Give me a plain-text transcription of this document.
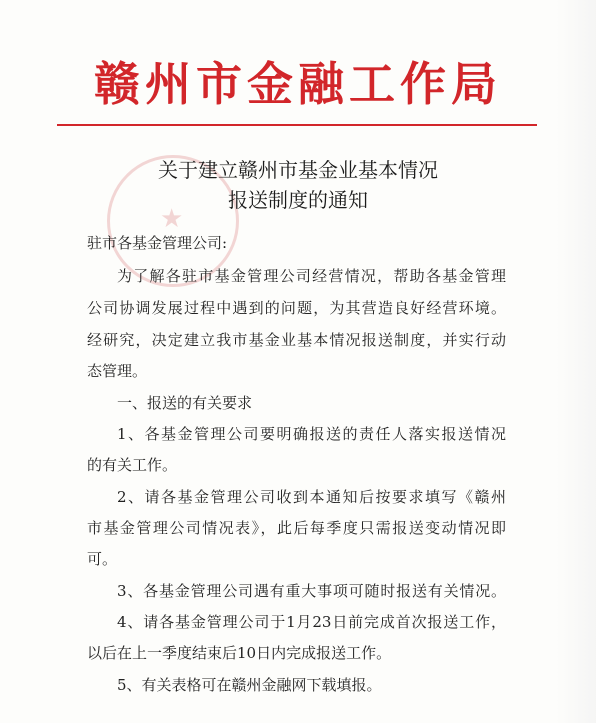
赣州市金融工作局
★
关于建立赣州市基金业基本情况
报送制度的通知
驻市各基金管理公司:
为了解各驻市基金管理公司经营情况，帮助各基金管理
公司协调发展过程中遇到的问题，为其营造良好经营环境。
经研究，决定建立我市基金业基本情况报送制度，并实行动
态管理。
一、报送的有关要求
1、各基金管理公司要明确报送的责任人落实报送情况
的有关工作。
2、请各基金管理公司收到本通知后按要求填写《赣州
市基金管理公司情况表》，此后每季度只需报送变动情况即
可。
3、各基金管理公司遇有重大事项可随时报送有关情况。
4、请各基金管理公司于1月23日前完成首次报送工作，
以后在上一季度结束后10日内完成报送工作。
5、有关表格可在赣州金融网下载填报。
